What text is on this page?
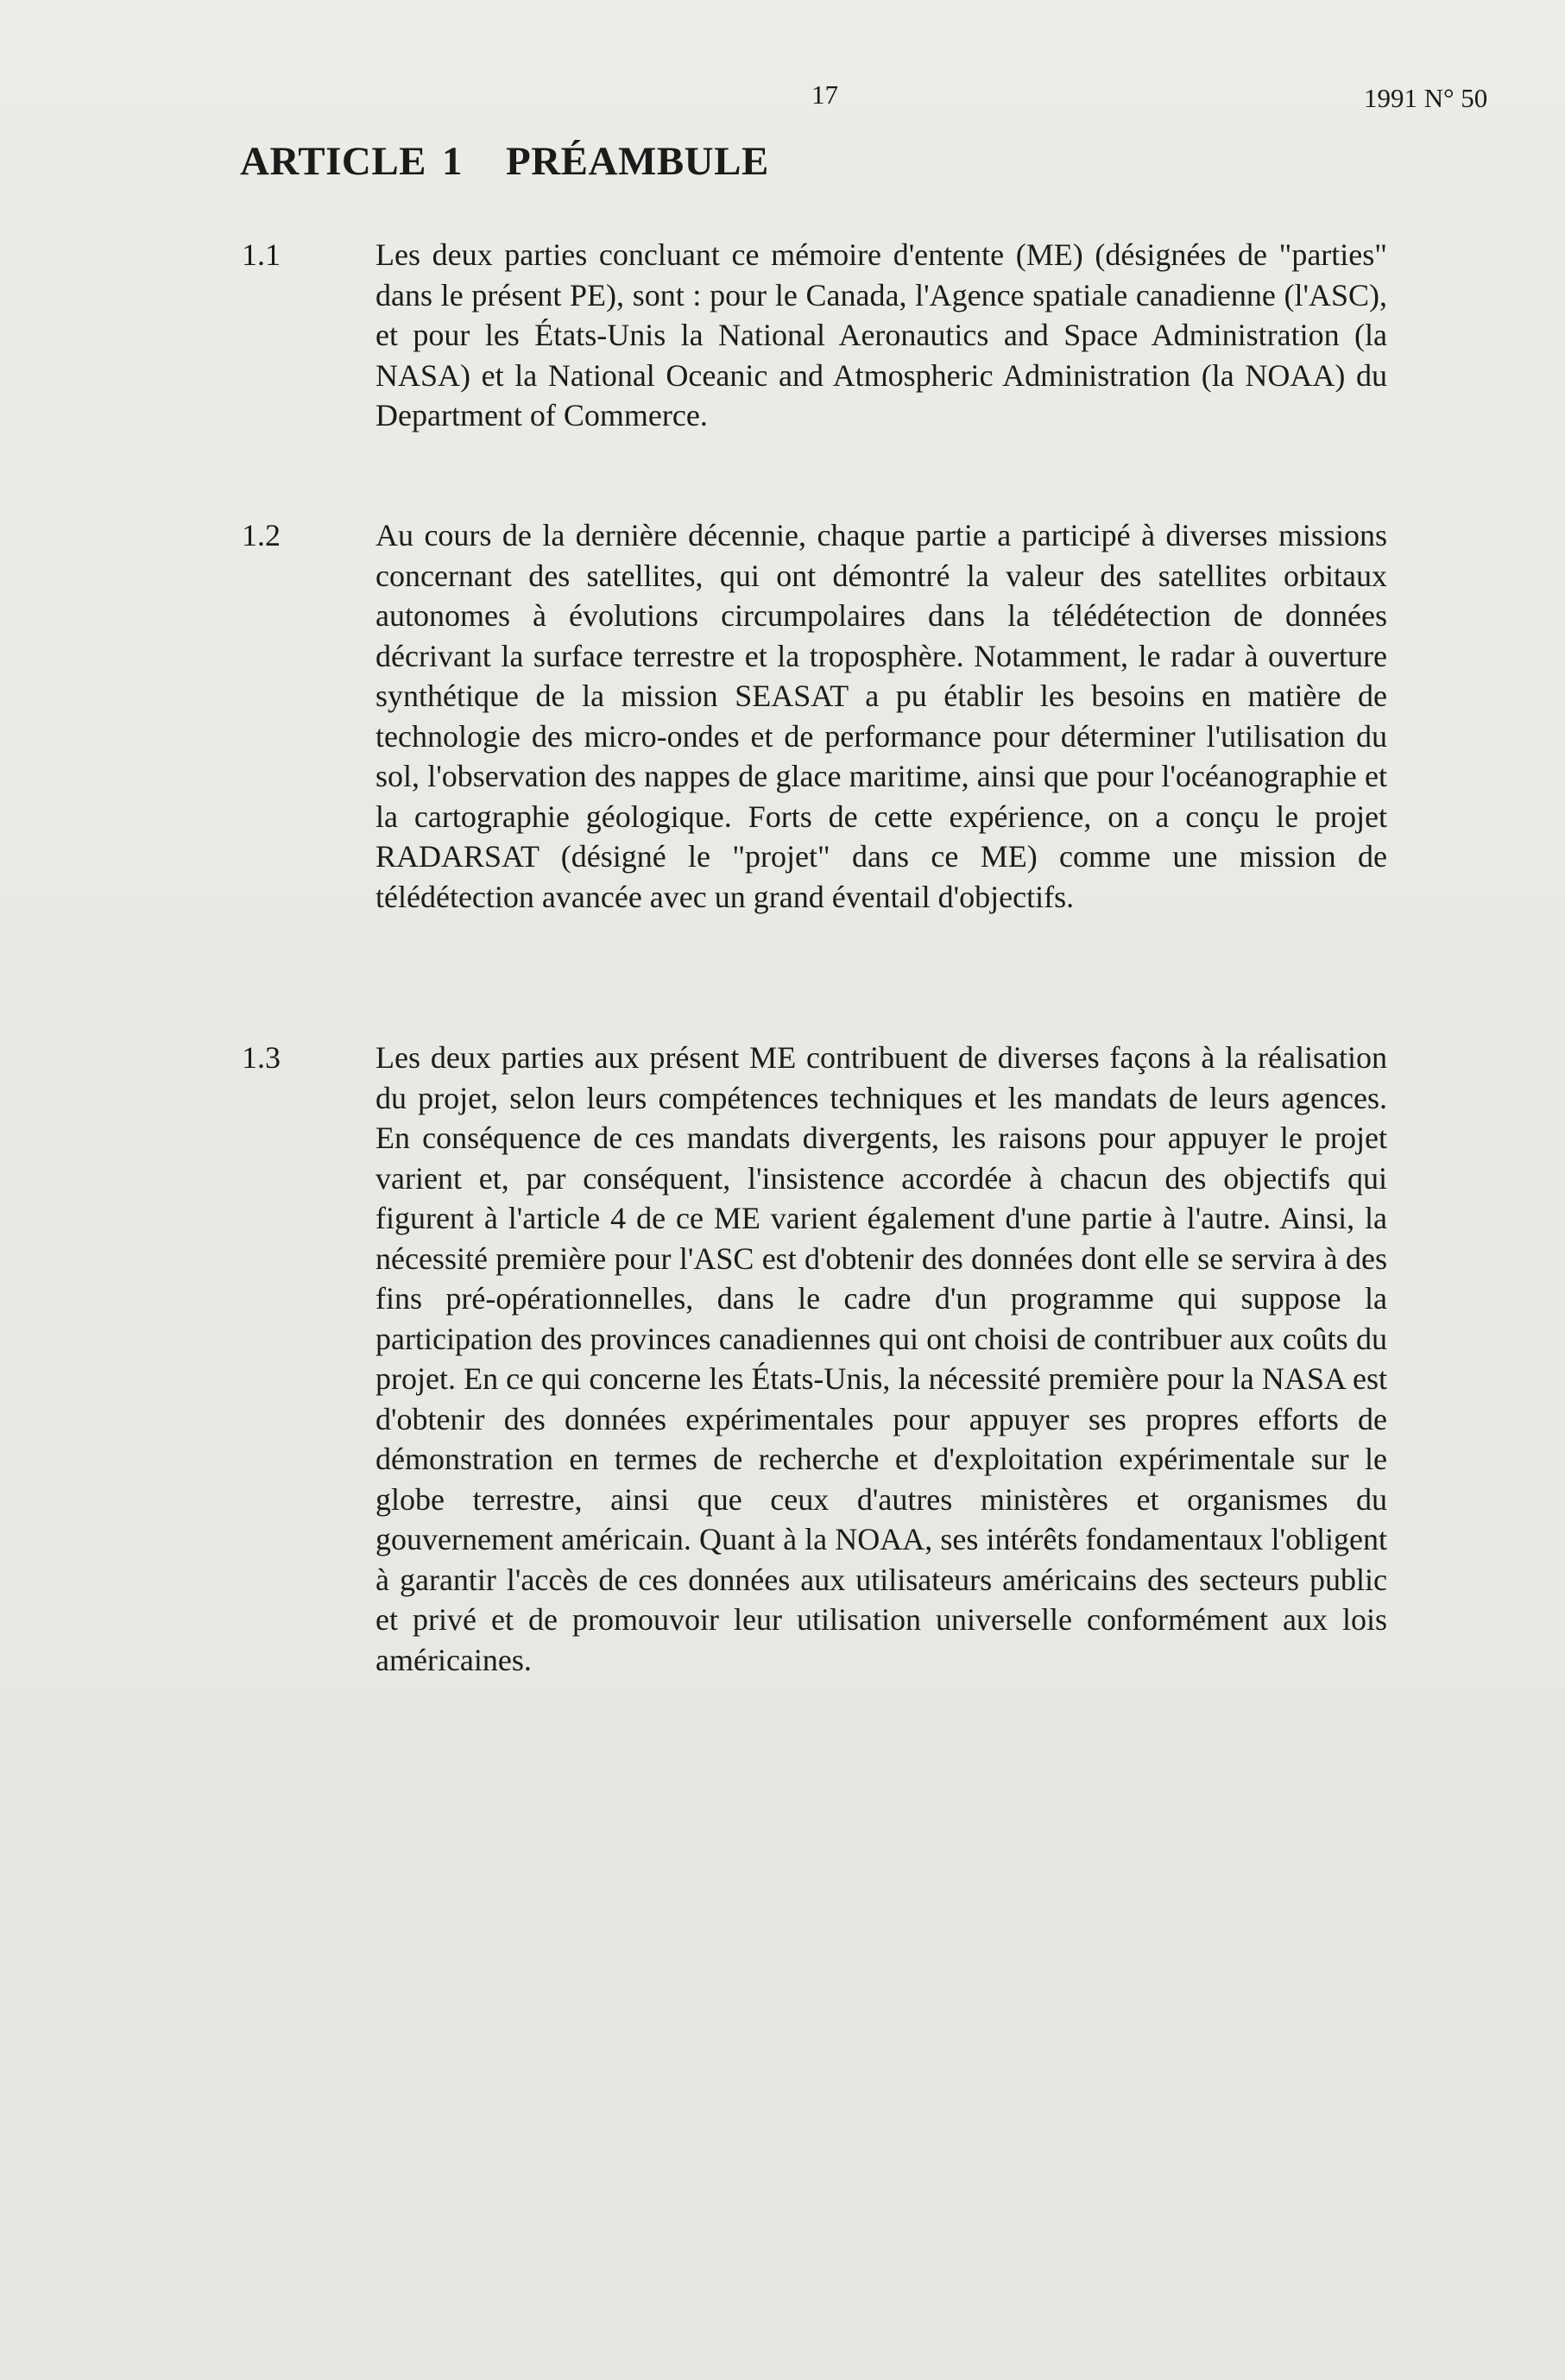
17	1991 N° 50
ARTICLE 1 PRÉAMBULE
1.1	Les deux parties concluant ce mémoire d'entente (ME) (désignées de "parties" dans le présent PE), sont : pour le Canada, l'Agence spatiale canadienne (l'ASC), et pour les États-Unis la National Aeronautics and Space Administration (la NASA) et la National Oceanic and Atmospheric Administration (la NOAA) du Department of Commerce.

1.2	Au cours de la dernière décennie, chaque partie a participé à diverses missions concernant des satellites, qui ont démontré la valeur des satellites orbitaux autonomes à évolutions circumpolaires dans la télédétection de données décrivant la surface terrestre et la troposphère. Notamment, le radar à ouverture synthétique de la mission SEASAT a pu établir les besoins en matière de technologie des micro-ondes et de performance pour déterminer l'utilisation du sol, l'observation des nappes de glace maritime, ainsi que pour l'océanographie et la cartographie géologique. Forts de cette expérience, on a conçu le projet RADARSAT (désigné le "projet" dans ce ME) comme une mission de télédétection avancée avec un grand éventail d'objectifs.

1.3	Les deux parties aux présent ME contribuent de diverses façons à la réalisation du projet, selon leurs compétences techniques et les mandats de leurs agences. En conséquence de ces mandats divergents, les raisons pour appuyer le projet varient et, par conséquent, l'insistence accordée à chacun des objectifs qui figurent à l'article 4 de ce ME varient également d'une partie à l'autre. Ainsi, la nécessité première pour l'ASC est d'obtenir des données dont elle se servira à des fins pré-opérationnelles, dans le cadre d'un programme qui suppose la participation des provinces canadiennes qui ont choisi de contribuer aux coûts du projet. En ce qui concerne les États-Unis, la nécessité première pour la NASA est d'obtenir des données expérimentales pour appuyer ses propres efforts de démonstration en termes de recherche et d'exploitation expérimentale sur le globe terrestre, ainsi que ceux d'autres ministères et organismes du gouvernement américain. Quant à la NOAA, ses intérêts fondamentaux l'obligent à garantir l'accès de ces données aux utilisateurs américains des secteurs public et privé et de promouvoir leur utilisation universelle conformément aux lois américaines.
